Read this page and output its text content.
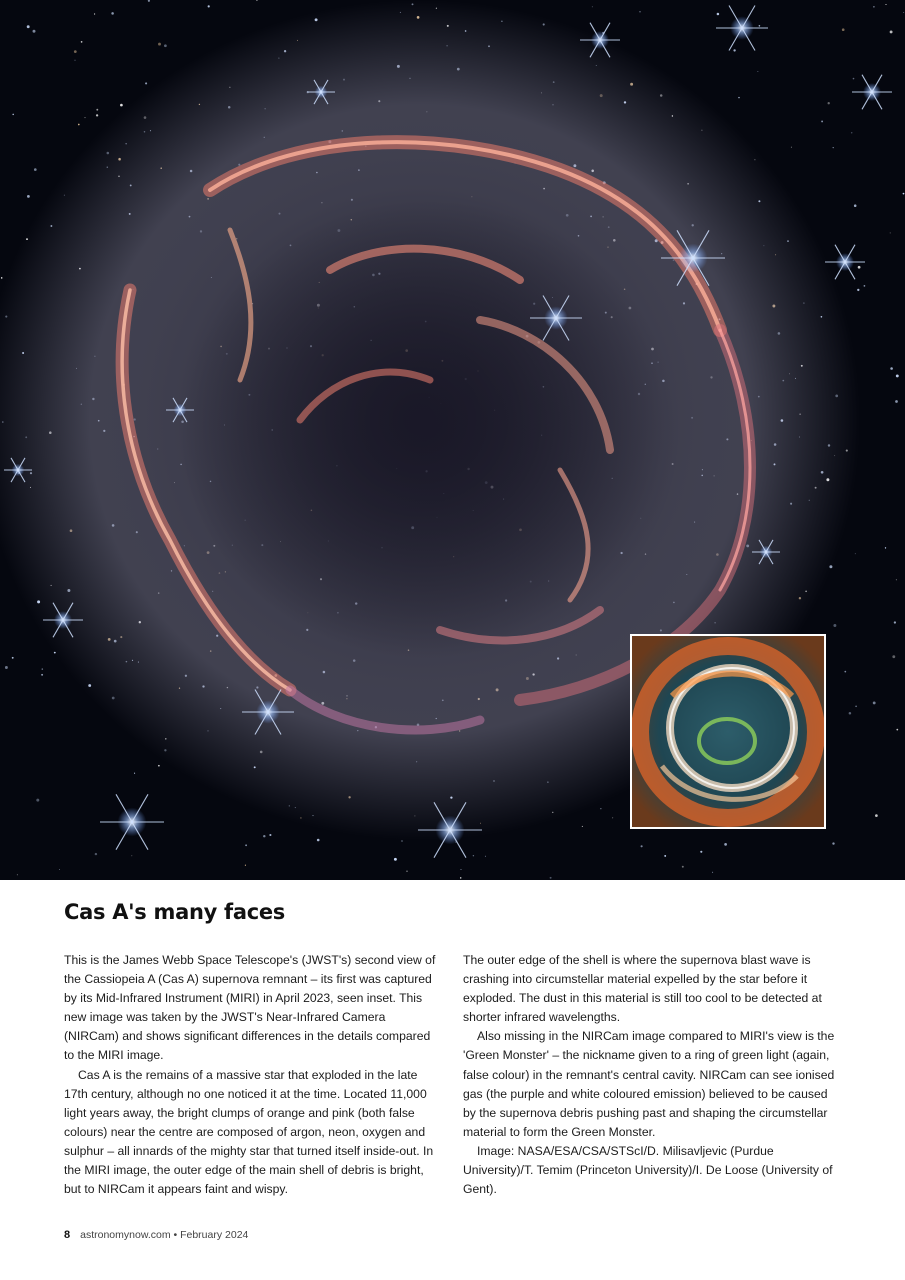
Cas A's many faces

This is the James Webb Space Telescope's (JWST's) second view of the Cassiopeia A (Cas A) supernova remnant – its first was captured by its Mid-Infrared Instrument (MIRI) in April 2023, seen inset. This new image was taken by the JWST's Near-Infrared Camera (NIRCam) and shows significant differences in the details compared to the MIRI image.

Cas A is the remains of a massive star that exploded in the late 17th century, although no one noticed it at the time. Located 11,000 light years away, the bright clumps of orange and pink (both false colours) near the centre are composed of argon, neon, oxygen and sulphur – all innards of the mighty star that turned itself inside-out. In the MIRI image, the outer edge of the main shell of debris is bright, but to NIRCam it appears faint and wispy.

The outer edge of the shell is where the supernova blast wave is crashing into circumstellar material expelled by the star before it exploded. The dust in this material is still too cool to be detected at shorter infrared wavelengths.

Also missing in the NIRCam image compared to MIRI's view is the 'Green Monster' – the nickname given to a ring of green light (again, false colour) in the remnant's central cavity. NIRCam can see ionised gas (the purple and white coloured emission) believed to be caused by the supernova debris pushing past and shaping the circumstellar material to form the Green Monster.

Image: NASA/ESA/CSA/STScI/D. Milisavljevic (Purdue University)/T. Temim (Princeton University)/I. De Loose (University of Gent).

8 astronomynow.com • February 2024
